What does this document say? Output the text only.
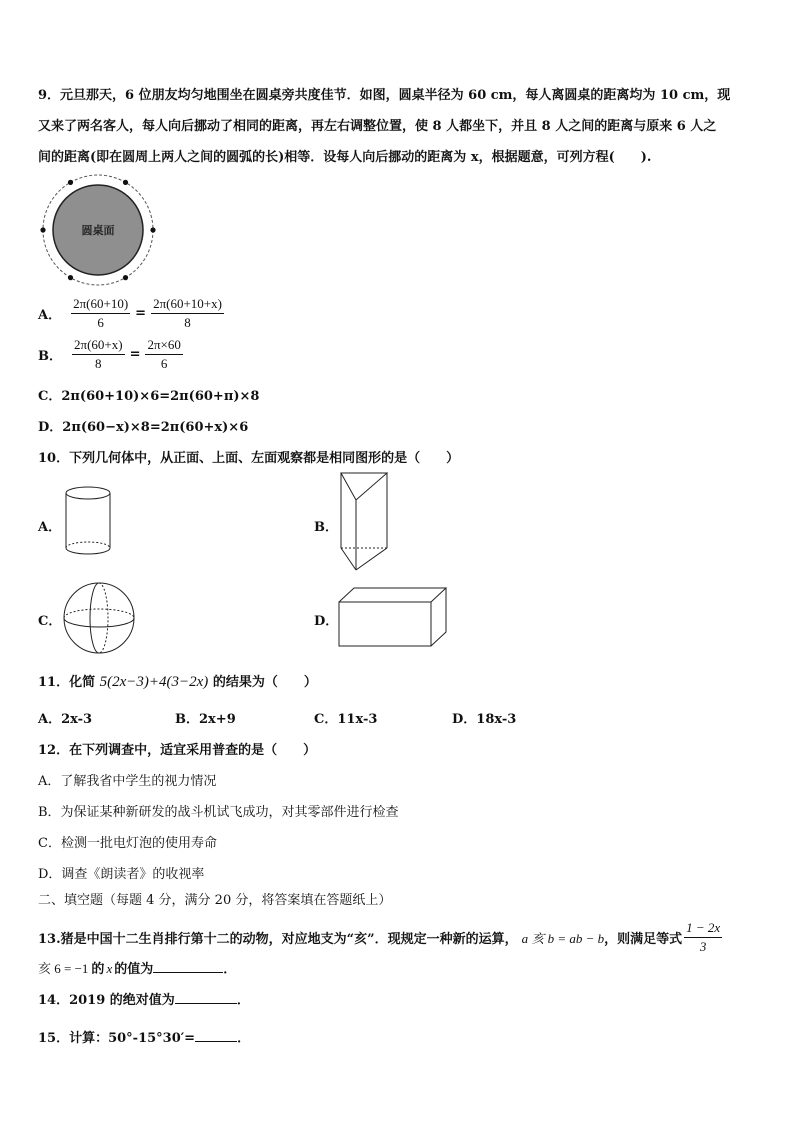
9．元旦那天，6 位朋友均匀地围坐在圆桌旁共度佳节．如图，圆桌半径为 60 cm，每人离圆桌的距离均为 10 cm，现
又来了两名客人，每人向后挪动了相同的距离，再左右调整位置，使 8 人都坐下，并且 8 人之间的距离与原来 6 人之
间的距离(即在圆周上两人之间的圆弧的长)相等．设每人向后挪动的距离为 x，根据题意，可列方程(　　).
圆桌面
A． $\frac{2\pi(60+10)}{6} = \frac{2\pi(60+10+x)}{8}$
B． $\frac{2\pi(60+x)}{8} = \frac{2\pi\times 60}{6}$
C．2π(60+10)×6=2π(60+π)×8
D．2π(60−x)×8=2π(60+x)×6
10．下列几何体中，从正面、上面、左面观察都是相同图形的是（　　）
A．	B．
C．	D．
11．化简 5(2x−3)+4(3−2x) 的结果为（　　）
A．2x-3	B．2x+9	C．11x-3	D．18x-3
12．在下列调查中，适宜采用普查的是（　　）
A．了解我省中学生的视力情况
B．为保证某种新研发的战斗机试飞成功，对其零部件进行检查
C．检测一批电灯泡的使用寿命
D．调查《朗读者》的收视率
二、填空题（每题 4 分，满分 20 分，将答案填在答题纸上）
13.猪是中国十二生肖排行第十二的动物，对应地支为“亥”．现规定一种新的运算， a 亥 b = ab − b ，则满足等式 $\frac{1 - 2x}{3}$
亥 6 = −1 的 x 的值为	．
14．2019 的绝对值为	．
15．计算：50°-15°30′=	．
